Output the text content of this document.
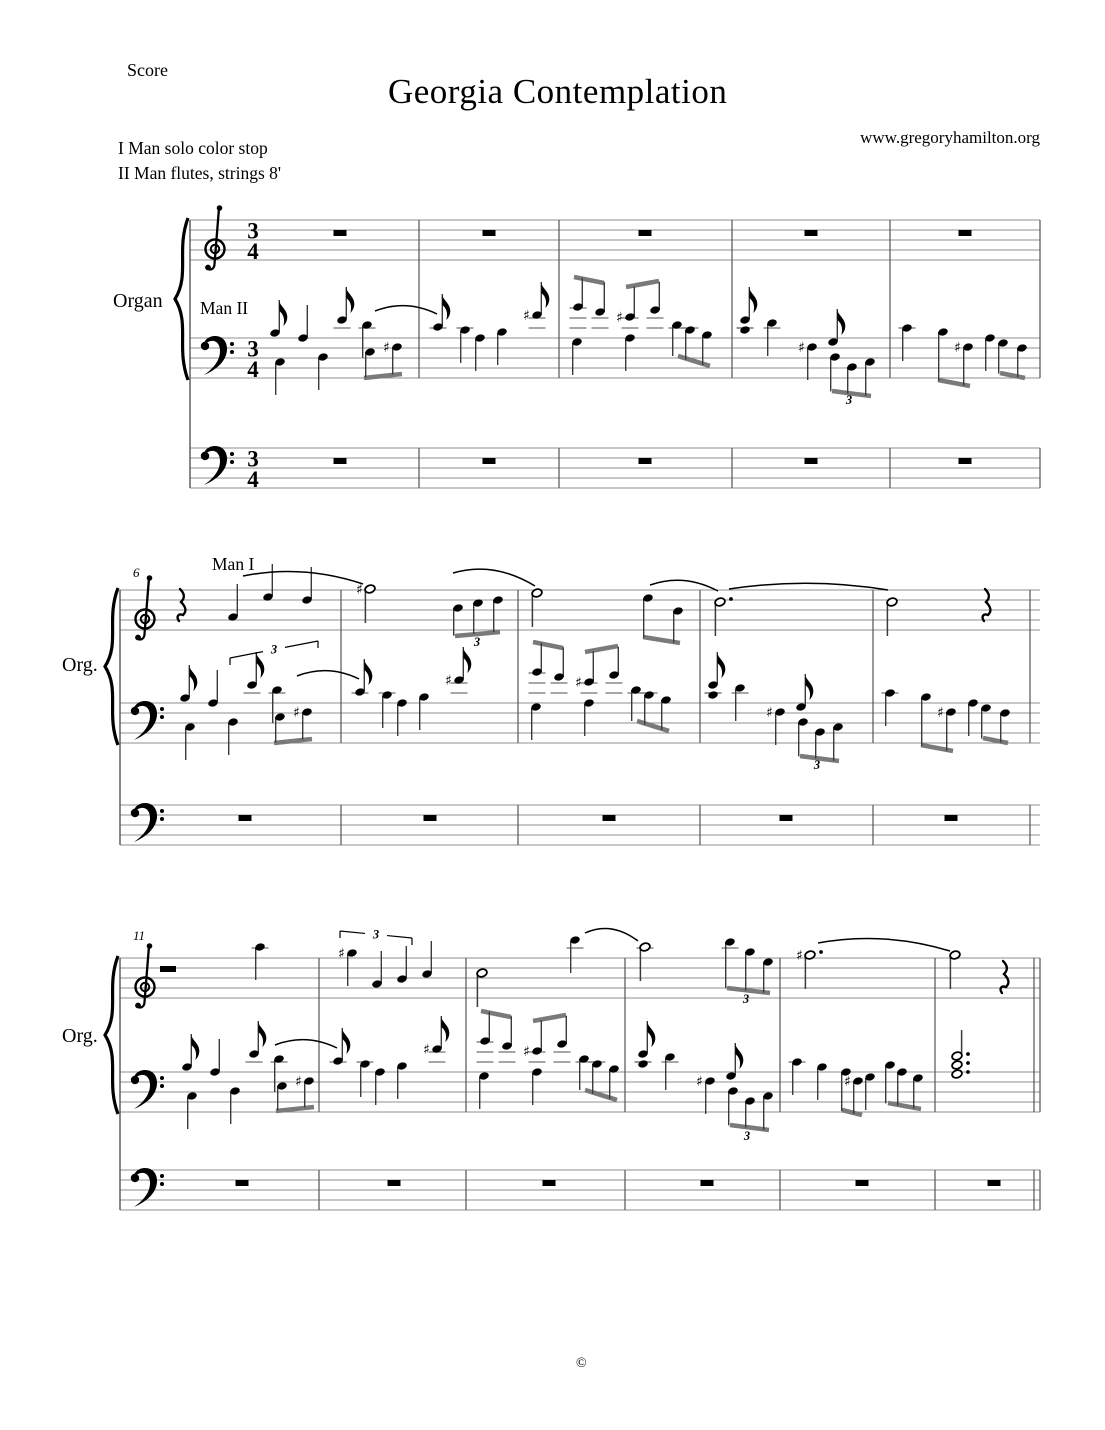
Score
Georgia Contemplation
www.gregoryhamilton.org
I Man solo color stop
II Man flutes, strings 8'
©
3
4
3
4
3
4
♯
♯	♯
♯	♯
3
Organ Man II
♯
♯
♯	♯
♯	♯
3
3
3
Org.
Man I
6
♯	♯
♯
♯	♯
♯	♯
3
3
3
Org.
11
